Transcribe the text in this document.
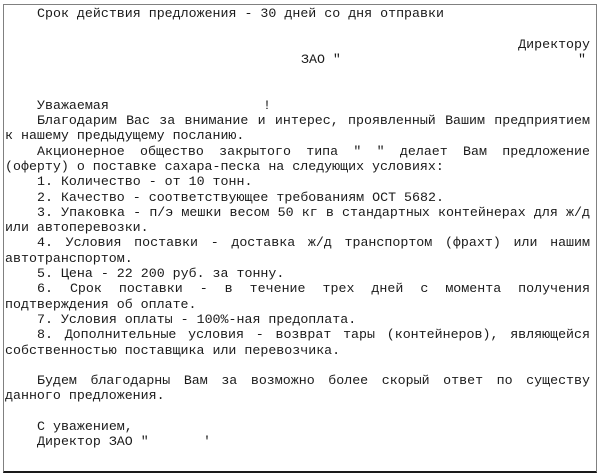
Срок действия предложения - 30 дней со дня отправки
Директору
ЗАО "	"
Уважаемая	!
Благодарим Вас за внимание и интерес, проявленный Вашим предприятием к нашему предыдущему посланию.
Акционерное общество закрытого типа " " делает Вам предложение (оферту) о поставке сахара-песка на следующих условиях:
1. Количество - от 10 тонн.
2. Качество - соответствующее требованиям ОСТ 5682.
3. Упаковка - п/э мешки весом 50 кг в стандартных контейнерах для ж/д или автоперевозки.
4. Условия поставки - доставка ж/д транспортом (фрахт) или нашим автотранспортом.
5. Цена - 22 200 руб. за тонну.
6. Срок поставки - в течение трех дней с момента получения подтверждения об оплате.
7. Условия оплаты - 100%-ная предоплата.
8. Дополнительные условия - возврат тары (контейнеров), являющейся собственностью поставщика или перевозчика.
Будем благодарны Вам за возможно более скорый ответ по существу данного предложения.
С уважением,
Директор ЗАО "	'
